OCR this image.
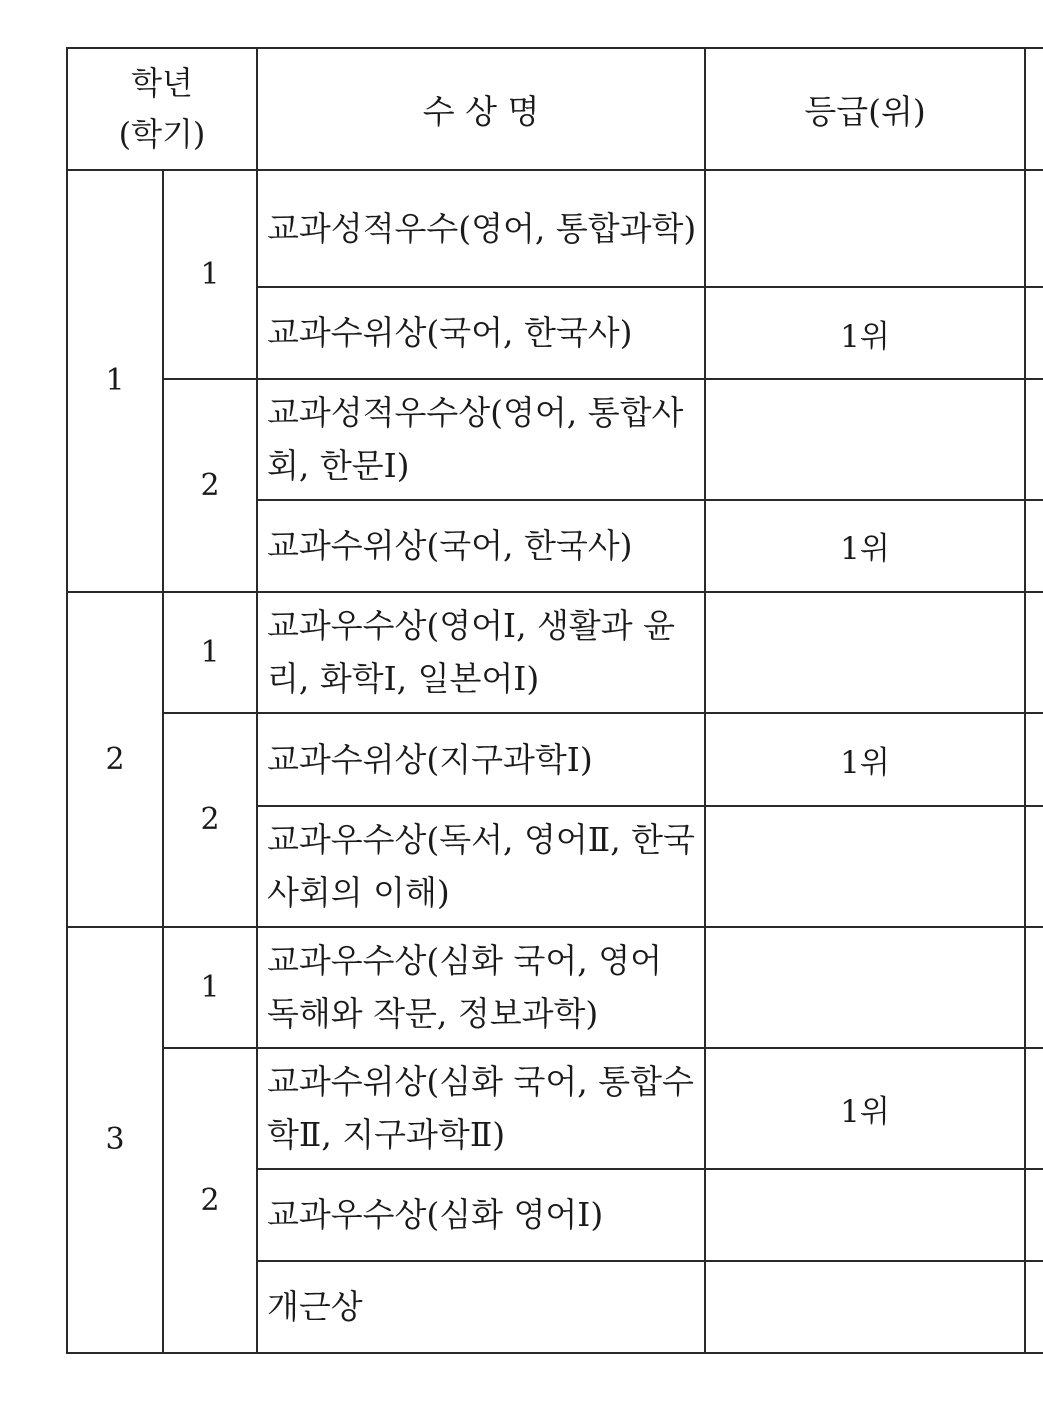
학년
(학기)		수 상 명	등급(위)	
1	1	교과성적우수(영어, 통합과학)		
		교과수위상(국어, 한국사)	1위	
	2	교과성적우수상(영어, 통합사회, 한문Ⅰ)		
		교과수위상(국어, 한국사)	1위	
2	1	교과우수상(영어Ⅰ, 생활과 윤리, 화학Ⅰ, 일본어Ⅰ)		
	2	교과수위상(지구과학Ⅰ)	1위	
		교과우수상(독서, 영어Ⅱ, 한국 사회의 이해)		
3	1	교과우수상(심화 국어, 영어 독해와 작문, 정보과학)		
	2	교과수위상(심화 국어, 통합수학Ⅱ, 지구과학Ⅱ)	1위	
		교과우수상(심화 영어Ⅰ)		
		개근상		
